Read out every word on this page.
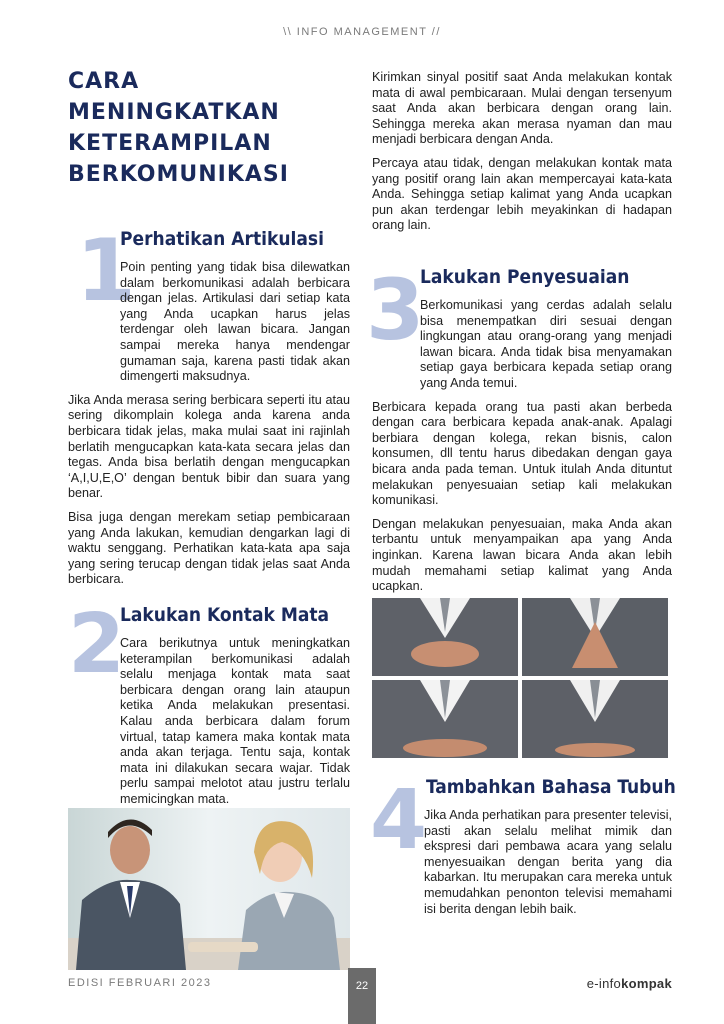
\\ INFO MANAGEMENT //
CARA MENINGKATKAN KETERAMPILAN BERKOMUNIKASI
1
Perhatikan Artikulasi

Poin penting yang tidak bisa dilewatkan dalam berkomunikasi adalah berbicara dengan jelas. Artikulasi dari setiap kata yang Anda ucapkan harus jelas terdengar oleh lawan bicara. Jangan sampai mereka hanya mendengar gumaman saja, karena pasti tidak akan dimengerti maksudnya.

Jika Anda merasa sering berbicara seperti itu atau sering dikomplain kolega anda karena anda berbicara tidak jelas, maka mulai saat ini rajinlah berlatih mengucapkan kata-kata secara jelas dan tegas. Anda bisa berlatih dengan mengucapkan ‘A,I,U,E,O’ dengan bentuk bibir dan suara yang benar.

Bisa juga dengan merekam setiap pembicaraan yang Anda lakukan, kemudian dengarkan lagi di waktu senggang. Perhatikan kata-kata apa saja yang sering terucap dengan tidak jelas saat Anda berbicara.

2
Lakukan Kontak Mata

Cara berikutnya untuk meningkatkan keterampilan berkomunikasi adalah selalu menjaga kontak mata saat berbicara dengan orang lain ataupun ketika Anda melakukan presentasi. Kalau anda berbicara dalam forum virtual, tatap kamera maka kontak mata anda akan terjaga. Tentu saja, kontak mata ini dilakukan secara wajar. Tidak perlu sampai melotot atau justru terlalu memicingkan mata.

Kirimkan sinyal positif saat Anda melakukan kontak mata di awal pembicaraan. Mulai dengan tersenyum saat Anda akan berbicara dengan orang lain. Sehingga mereka akan merasa nyaman dan mau menjadi berbicara dengan Anda.

Percaya atau tidak, dengan melakukan kontak mata yang positif orang lain akan mempercayai kata-kata Anda. Sehingga setiap kalimat yang Anda ucapkan pun akan terdengar lebih meyakinkan di hadapan orang lain.

3
Lakukan Penyesuaian

Berkomunikasi yang cerdas adalah selalu bisa menempatkan diri sesuai dengan lingkungan atau orang-orang yang menjadi lawan bicara. Anda tidak bisa menyamakan setiap gaya berbicara kepada setiap orang yang Anda temui.

Berbicara kepada orang tua pasti akan berbeda dengan cara berbicara kepada anak-anak. Apalagi berbiara dengan kolega, rekan bisnis, calon konsumen, dll tentu harus dibedakan dengan gaya bicara anda pada teman. Untuk itulah Anda dituntut melakukan penyesuaian setiap kali melakukan komunikasi.

Dengan melakukan penyesuaian, maka Anda akan terbantu untuk menyampaikan apa yang Anda inginkan. Karena lawan bicara Anda akan lebih mudah memahami setiap kalimat yang Anda ucapkan.

4
Tambahkan Bahasa Tubuh

Jika Anda perhatikan para presenter televisi, pasti akan selalu melihat mimik dan ekspresi dari pembawa acara yang selalu menyesuaikan dengan berita yang dia kabarkan. Itu merupakan cara mereka untuk memudahkan penonton televisi memahami isi berita dengan lebih baik.

EDISI FEBRUARI 2023	22	e-infokompak
